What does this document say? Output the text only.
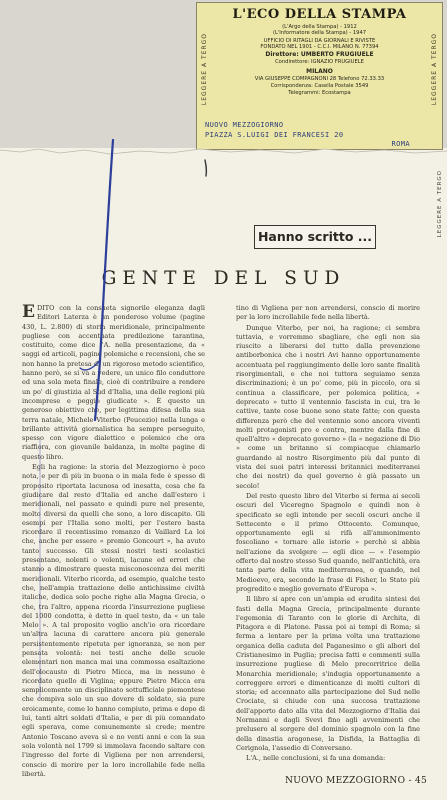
LEGGERE A TERGO	LEGGERE A TERGO
L'ECO DELLA STAMPA
(L'Argo della Stampa) - 1912
(L'Informatore della Stampa) - 1947
UFFICIO DI RITAGLI DA GIORNALI E RIVISTE
FONDATO NEL 1901 - C.C.I. MILANO N. 77394
Direttore: UMBERTO FRUGIUELE
Condirettore: IGNAZIO FRUGIUELE
MILANO
VIA GIUSEPPE COMPAGNONI 28 Telefono 72.33.33
Corrispondenza: Casella Postale 3549
Telegrammi: Ecostampa
NUOVO MEZZOGIORNO
PIAZZA S.LUIGI DEI FRANCESI 20
ROMA
LEGGERE A TERGO
Hanno scritto ...
GENTE DEL SUD

EDITO con la consueta signorile eleganza dagli Editori Laterza è un ponderoso volume (pagine 430, L. 2.800) di storia meridionale, principalmente pugliese con accentuata predilezione tarantina, costituito, come dice l'A. nella presentazione, da « saggi ed articoli, pagine polemiche e recensioni, che se non hanno la pretesa di un rigoroso metodo scientifico, hanno però, se si va a vedere, un unico filo conduttore ed una sola meta finale, cioè di contribuire a rendere un po' di giustizia al Sud d'Italia, una delle regioni più incomprese e peggio giudicate ». È questo un generoso obiettivo che, per legittima difesa della sua terra natale, Michele Viterbo (Peucezio) nella lunga e brillante attività giornalistica ha sempre perseguito, spesso con vigore dialettico e polemico che ora riaffiora, con giovanile baldanza, in molte pagine di questo libro.

Egli ha ragione: la storia del Mezzogiorno è poco nota, e per di più in buona o in mala fede è spesso di proposito riportata lacunosa od inesatta, cosa che fa giudicare dal resto d'Italia ed anche dall'estero i meridionali, nel passato e quindi pure nel presente, molto diversi da quelli che sono, a loro discapito. Gli esempi per l'Italia sono molti, per l'estero basta ricordare il recentissimo romanzo di Vaillard La loi che, anche per essere « premio Goncourt », ha avuto tanto successo. Gli stessi nostri testi scolastici presentano, nolenti o volenti, lacune ed errori che stanno a dimostrare questa misconoscenza dei meriti meridionali. Viterbo ricorda, ad esempio, qualche testo che, nell'ampia trattazione delle antichissime civiltà italiche, dedica solo poche righe alla Magna Grecia, o che, tra l'altro, appena ricorda l'insurrezione pugliese del 1000 condotta, è detto in quel testo, da « un tale Melo ». A tal proposito voglio anch'io ora ricordare un'altra lacuna di carattere ancora più generale persistentemente ripetuta per ignoranza, se non per pensata volontà: nei testi anche delle scuole elementari non manca mai una commossa esaltazione dell'olocausto di Pietro Micca, ma in nessuno è ricordato quello di Viglina; eppure Pietro Micca era semplicemente un disciplinato sottufficiale piemontese che compiva solo un suo dovere di soldato, sia pure eroicamente, come lo hanno compiuto, prima e dopo di lui, tanti altri soldati d'Italia, e per di più comandato egli sperava, come comunemente si crede; mentre Antonio Toscano aveva sì e no venti anni e con la sua sola volontà nel 1799 si immolava facendo saltare con l'ingresso del forte di Vigliena per non arrendersi, conscio di morire per la loro incrollabile fede nella libertà.

tino di Vigliena per non arrendersi, conscio di morire per la loro incrollabile fede nella libertà.

Dunque Viterbo, per noi, ha ragione; ci sembra tuttavia, e vorremmo sbagliare, che egli non sia riuscito a liberarsi del tutto dalla prevenzione antiborbonica che i nostri Avi hanno opportunamente accentuata pel raggiungimento delle loro sante finalità risorgimentali, e che noi tuttora seguiamo senza discriminazioni; è un po' come, più in piccolo, ora si continua a classificare, per polemica politica, « deprecato » tutto il ventennio fascista in cui, tra le cattive, tante cose buone sono state fatte; con questa differenza però che del ventennio sono ancora viventi molti protagonisti pro e contra, mentre dalla fine di quell'altro « deprecato governo » (la « negazione di Dio » come un britanno si compiacque chiamarlo guardando al nostro Risorgimento più dal punto di vista dei suoi patri interessi britannici mediterranei che dei nostri) da quel governo è già passato un secolo!

Del resto questo libro del Viterbo si ferma ai secoli oscuri del Viceregno Spagnolo e quindi non è specificato se egli intende per secoli oscuri anche il Settecento e il primo Ottocento. Comunque, opportunamente egli si rifà all'ammonimento foscoliano « tornare alle istorie » perchè si abbia nell'azione da svolgere — egli dice — « l'esempio offerto dal nostro stesso Sud quando, nell'antichità, era tanta parte della vita mediterranea, o quando, nel Medioevo, era, secondo la frase di Fisher, lo Stato più progredito e meglio governato d'Europa ».

Il libro si apre con un'ampia ed erudita sintesi dei fasti della Magna Grecia, principalmente durante l'egemonia di Taranto con le glorie di Archita, di Pitagora e di Platone. Passa poi ai tempi di Roma; si ferma a lentare per la prima volta una trattazione organica della caduta del Paganesimo e gli albori del Cristianesimo in Puglia; precisa fatti e commenti sulla insurrezione pugliese di Melo precorritrice della Monarchia meridionale; s'indugia opportunamente a correggere errori e dimenticanze di molti cultori di storia; ed accennato alla partecipazione del Sud nelle Crociate, si chiude con una succosa trattazione dell'apporto dato alla vita del Mezzogiorno d'Italia dai Normanni e dagli Svevi fino agli avvenimenti che prelusero al sorgere del dominio spagnolo con la fine della dinastia aragonese, la Disfida, la Battaglia di Cerignola, l'assedio di Conversano.

L'A., nelle conclusioni, si fa una domanda:

NUOVO MEZZOGIORNO - 45
